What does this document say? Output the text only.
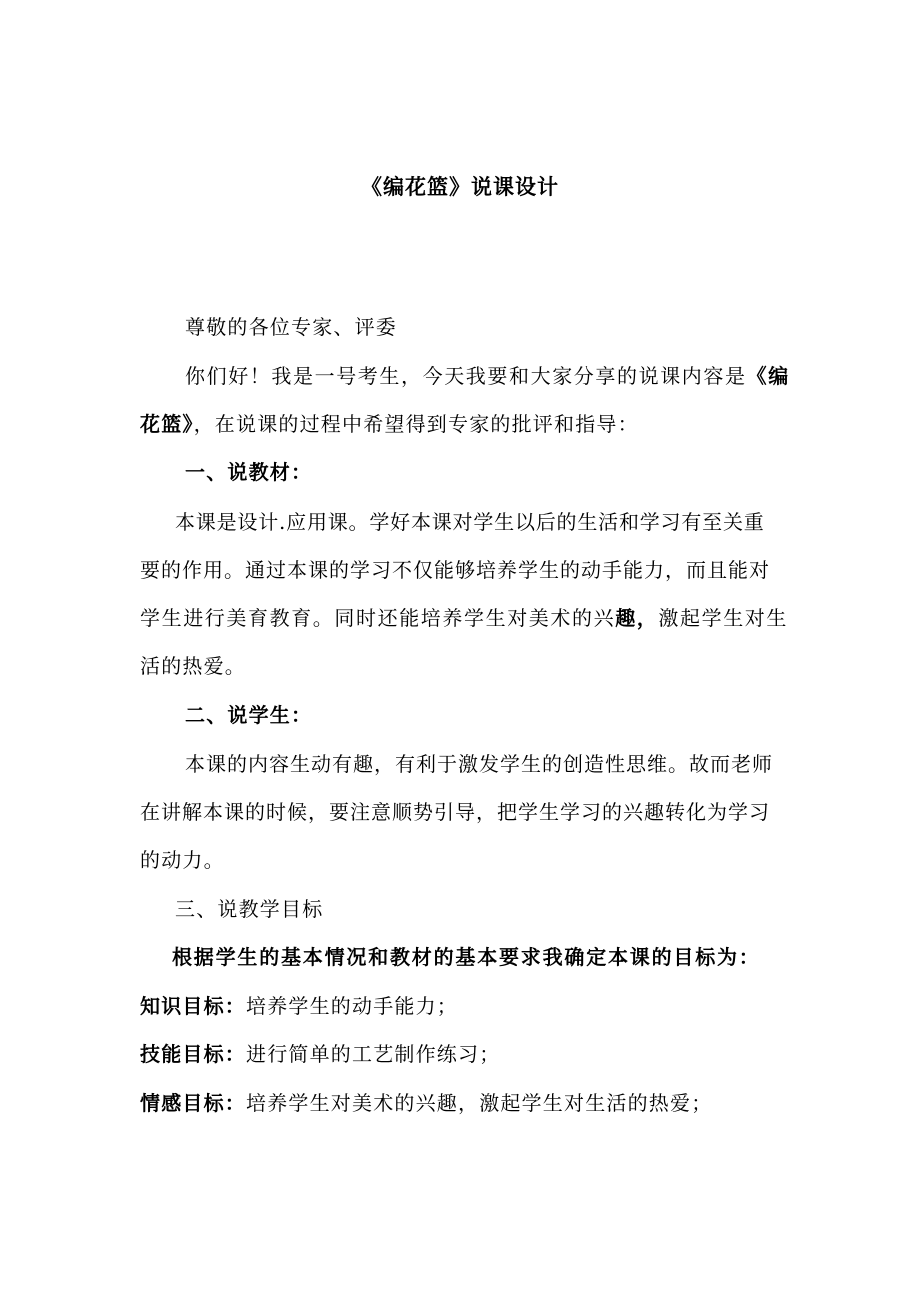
《编花篮》说课设计
尊敬的各位专家、评委
你们好！我是一号考生，今天我要和大家分享的说课内容是《编
花篮》，在说课的过程中希望得到专家的批评和指导：
一、说教材：
本课是设计.应用课。学好本课对学生以后的生活和学习有至关重
要的作用。通过本课的学习不仅能够培养学生的动手能力，而且能对
学生进行美育教育。同时还能培养学生对美术的兴趣，激起学生对生
活的热爱。
二、说学生：
本课的内容生动有趣，有利于激发学生的创造性思维。故而老师
在讲解本课的时候，要注意顺势引导，把学生学习的兴趣转化为学习
的动力。
三、说教学目标
根据学生的基本情况和教材的基本要求我确定本课的目标为：
知识目标：培养学生的动手能力；
技能目标：进行简单的工艺制作练习；
情感目标：培养学生对美术的兴趣，激起学生对生活的热爱；
